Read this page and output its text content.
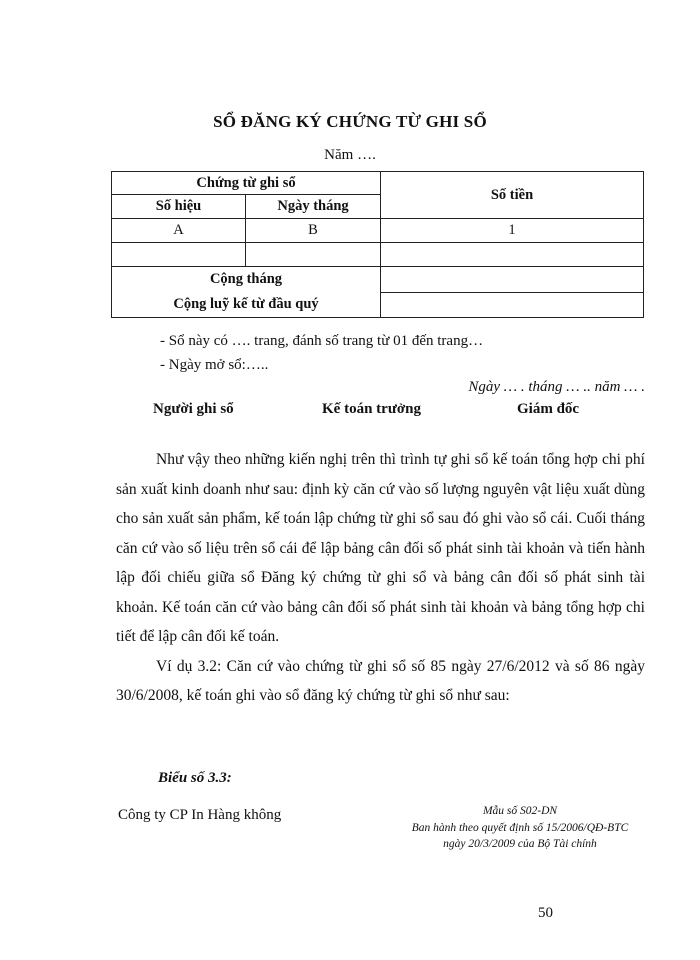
SỔ ĐĂNG KÝ CHỨNG TỪ GHI SỔ
Năm ….
Chứng từ ghi sổ		Số tiền
Số hiệu	Ngày tháng	
A	B	1

Cộng tháng
Cộng luỹ kế từ đầu quý		

- Sổ này có …. trang, đánh số trang từ 01 đến trang…
- Ngày mở sổ:…..
Ngày … . tháng … .. năm … .
Người ghi sổ	Kế toán trưởng	Giám đốc

Như vậy theo những kiến nghị trên thì trình tự ghi sổ kế toán tổng hợp chi phí sản xuất kinh doanh như sau: định kỳ căn cứ vào số lượng nguyên vật liệu xuất dùng cho sản xuất sản phẩm, kế toán lập chứng từ ghi sổ sau đó ghi vào sổ cái. Cuối tháng căn cứ vào số liệu trên sổ cái để lập bảng cân đối số phát sinh tài khoản và tiến hành lập đối chiếu giữa sổ Đăng ký chứng từ ghi sổ và bảng cân đối số phát sinh tài khoản. Kế toán căn cứ vào bảng cân đối số phát sinh tài khoản và bảng tổng hợp chi tiết để lập cân đối kế toán.

Ví dụ 3.2: Căn cứ vào chứng từ ghi sổ số 85 ngày 27/6/2012 và số 86 ngày 30/6/2008, kế toán ghi vào sổ đăng ký chứng từ ghi sổ như sau:

Biểu số 3.3:
Công ty CP In Hàng không	Mẫu số S02-DN
Ban hành theo quyết định số 15/2006/QĐ-BTC
ngày 20/3/2009 của Bộ Tài chính
50
